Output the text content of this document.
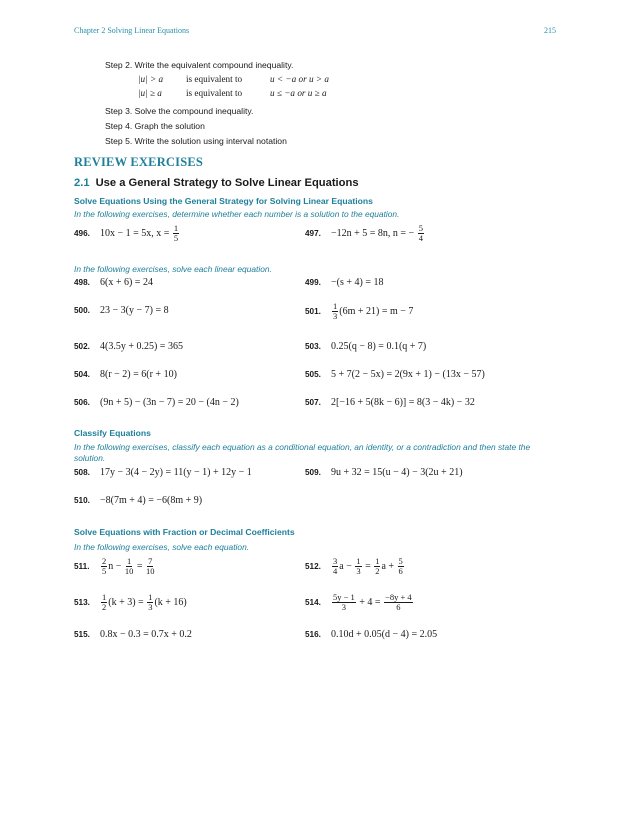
Chapter 2 Solving Linear Equations	215
Step 2. Write the equivalent compound inequality.
|u| > a	is equivalent to	u < −a or u > a
|u| ≥ a	is equivalent to	u ≤ −a or u ≥ a
Step 3. Solve the compound inequality.
Step 4. Graph the solution
Step 5. Write the solution using interval notation
REVIEW EXERCISES
2.1 Use a General Strategy to Solve Linear Equations
Solve Equations Using the General Strategy for Solving Linear Equations
In the following exercises, determine whether each number is a solution to the equation.
496.	10x − 1 = 5x, $x = \frac{1}{5}$	497.	−12n + 5 = 8n, n = − $\frac{5}{4}$
In the following exercises, solve each linear equation.
498.	6(x + 6) = 24	499.	−(s + 4) = 18
500.	23 − 3(y − 7) = 8	501.	$\frac{1}{3} (6m + 21) = m - 7$
502.	4(3.5y + 0.25) = 365	503.	0.25(q − 8) = 0.1(q + 7)
504.	8(r − 2) = 6(r + 10)	505.	5 + 7(2 − 5x) = 2(9x + 1) − (13x − 57)
506.	(9n + 5) − (3n − 7) = 20 − (4n − 2)	507.	2[−16 + 5(8k − 6)] = 8(3 − 4k) − 32
Classify Equations
In the following exercises, classify each equation as a conditional equation, an identity, or a contradiction and then state the solution.
508.	17y − 3(4 − 2y) = 11(y − 1) + 12y − 1	509.	9u + 32 = 15(u − 4) − 3(2u + 21)
510.	−8(7m + 4) = −6(8m + 9)
Solve Equations with Fraction or Decimal Coefficients
In the following exercises, solve each equation.
511.	$\frac{2}{5}$ $n - \frac{1}{10} = \frac{7}{10}$	512.	$\frac{3}{4}$ $a - \frac{1}{3} = \frac{1}{2}$ $a + \frac{5}{6}$
513.	$\frac{1}{2} (k + 3) = \frac{1}{3} (k + 16)$	514.	$\frac{5y - 1}{3} + 4 = \frac{-8y + 4}{6}$
515.	0.8x − 0.3 = 0.7x + 0.2	516.	0.10d + 0.05(d − 4) = 2.05
